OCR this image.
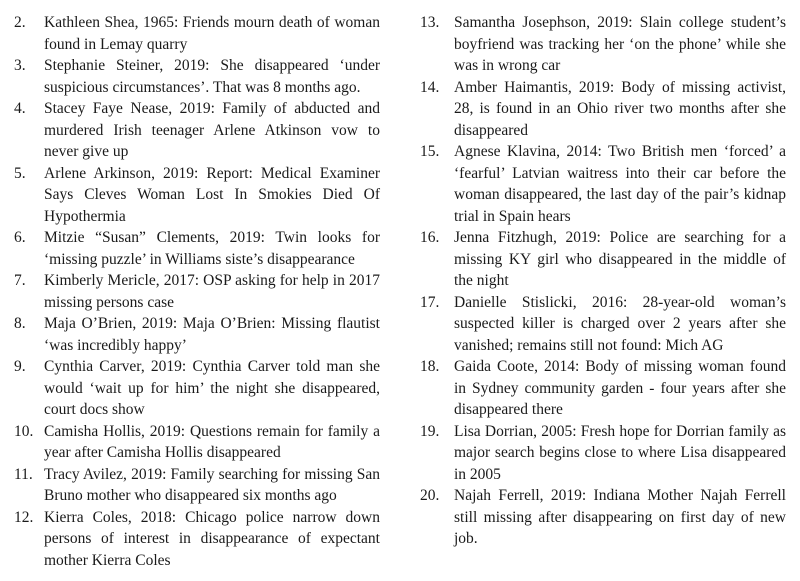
2.	Kathleen Shea, 1965: Friends mourn death of woman found in Lemay quarry
3.	Stephanie Steiner, 2019: She disappeared ‘under suspicious circumstances’. That was 8 months ago.
4.	Stacey Faye Nease, 2019: Family of abducted and murdered Irish teenager Arlene Atkinson vow to never give up
5.	Arlene Arkinson, 2019: Report: Medical Examiner Says Cleves Woman Lost In Smokies Died Of Hypothermia
6.	Mitzie “Susan” Clements, 2019: Twin looks for ‘missing puzzle’ in Williams siste’s disappearance
7.	Kimberly Mericle, 2017: OSP asking for help in 2017 missing persons case
8.	Maja O’Brien, 2019: Maja O’Brien: Missing flautist ‘was incredibly happy’
9.	Cynthia Carver, 2019: Cynthia Carver told man she would ‘wait up for him’ the night she disappeared, court docs show
10. Camisha Hollis, 2019: Questions remain for family a year after Camisha Hollis disappeared
11. Tracy Avilez, 2019: Family searching for missing San Bruno mother who disappeared six months ago
12. Kierra Coles, 2018: Chicago police narrow down persons of interest in disappearance of expectant mother Kierra Coles
13. Samantha Josephson, 2019: Slain college student’s boyfriend was tracking her ‘on the phone’ while she was in wrong car
14. Amber Haimantis, 2019: Body of missing activist, 28, is found in an Ohio river two months after she disappeared
15. Agnese Klavina, 2014: Two British men ‘forced’ a ‘fearful’ Latvian waitress into their car before the woman disappeared, the last day of the pair’s kidnap trial in Spain hears
16. Jenna Fitzhugh, 2019: Police are searching for a missing KY girl who disappeared in the middle of the night
17. Danielle Stislicki, 2016: 28-year-old woman’s suspected killer is charged over 2 years after she vanished; remains still not found: Mich AG
18. Gaida Coote, 2014: Body of missing woman found in Sydney community garden - four years after she disappeared there
19. Lisa Dorrian, 2005: Fresh hope for Dorrian family as major search begins close to where Lisa disappeared in 2005
20. Najah Ferrell, 2019: Indiana Mother Najah Ferrell still missing after disappearing on first day of new job.
